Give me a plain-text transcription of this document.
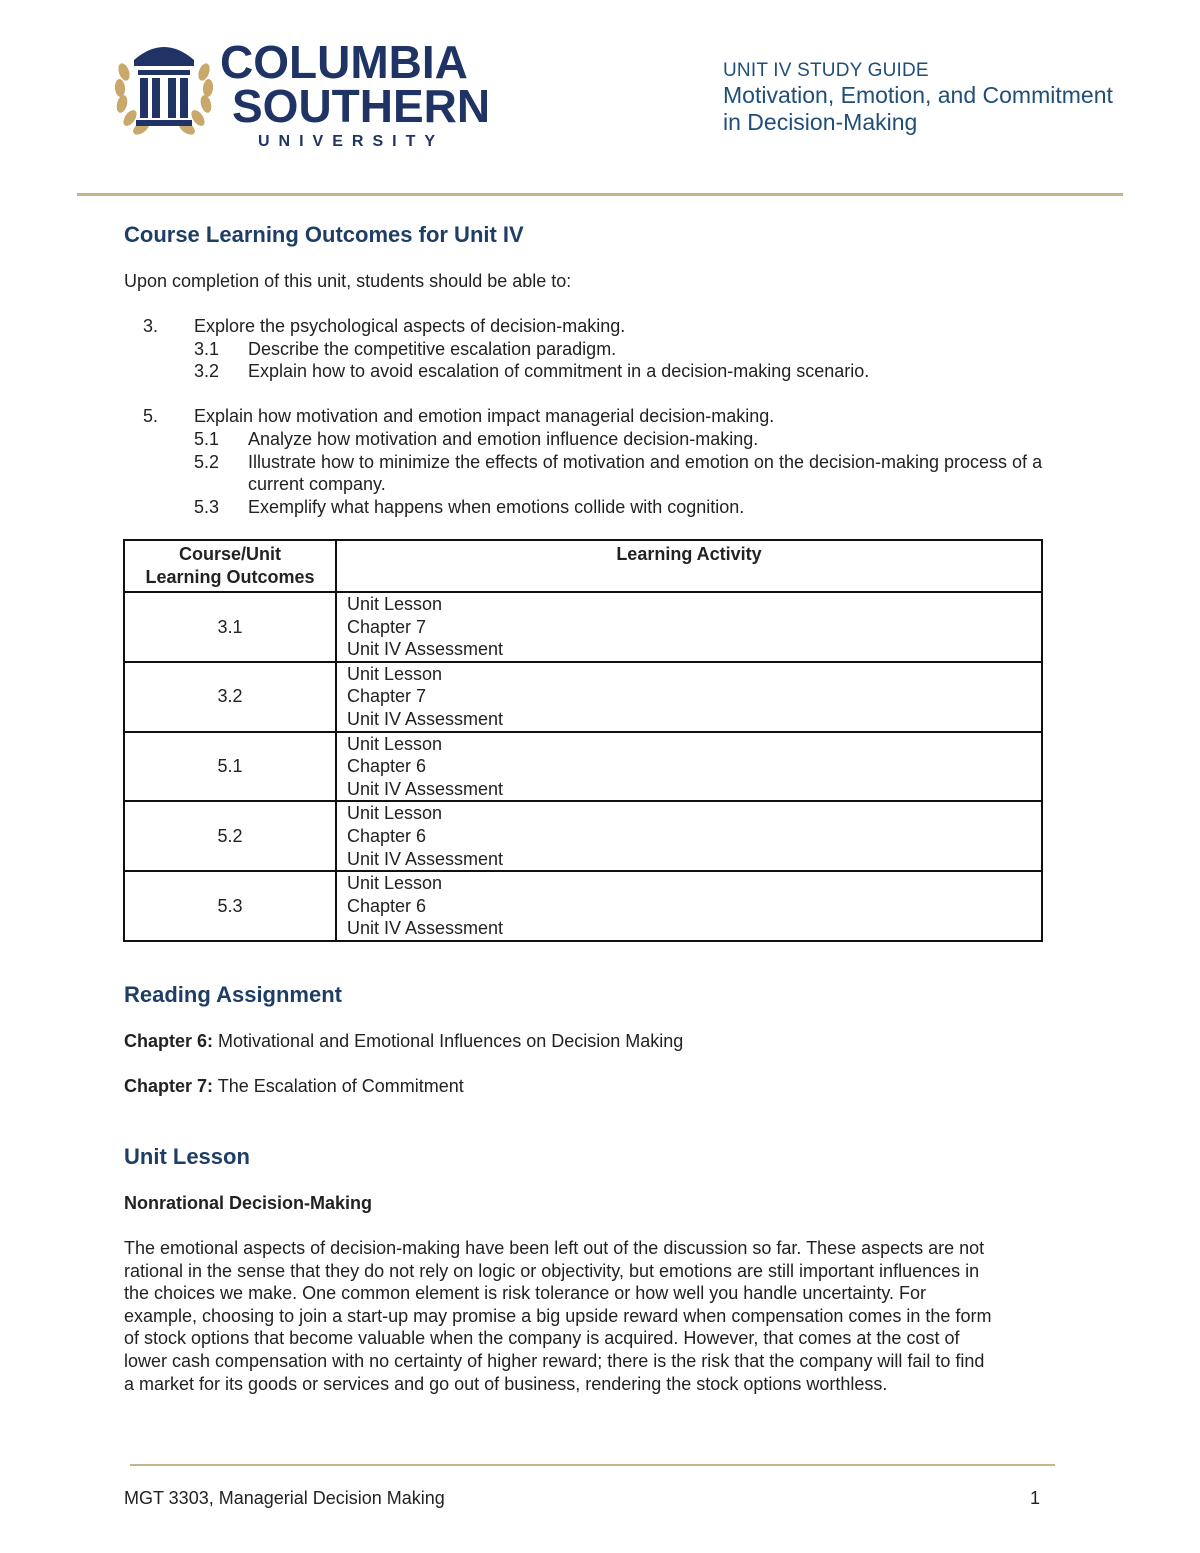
COLUMBIA
SOUTHERN
UNIVERSITY
UNIT IV STUDY GUIDE
Motivation, Emotion, and Commitment
in Decision-Making
Course Learning Outcomes for Unit IV
Upon completion of this unit, students should be able to:
3.	Explore the psychological aspects of decision-making.
3.1	Describe the competitive escalation paradigm.
3.2	Explain how to avoid escalation of commitment in a decision-making scenario.
5.	Explain how motivation and emotion impact managerial decision-making.
5.1	Analyze how motivation and emotion influence decision-making.
5.2	Illustrate how to minimize the effects of motivation and emotion on the decision-making process of a current company.
5.3	Exemplify what happens when emotions collide with cognition.
Course/Unit
Learning Outcomes	Learning Activity
3.1	Unit Lesson
Chapter 7
Unit IV Assessment

3.2	Unit Lesson
Chapter 7
Unit IV Assessment

5.1	Unit Lesson
Chapter 6
Unit IV Assessment

5.2	Unit Lesson
Chapter 6
Unit IV Assessment

5.3	Unit Lesson
Chapter 6
Unit IV Assessment
Reading Assignment
Chapter 6: Motivational and Emotional Influences on Decision Making
Chapter 7: The Escalation of Commitment
Unit Lesson
Nonrational Decision-Making
The emotional aspects of decision-making have been left out of the discussion so far. These aspects are not
rational in the sense that they do not rely on logic or objectivity, but emotions are still important influences in
the choices we make. One common element is risk tolerance or how well you handle uncertainty. For
example, choosing to join a start-up may promise a big upside reward when compensation comes in the form
of stock options that become valuable when the company is acquired. However, that comes at the cost of
lower cash compensation with no certainty of higher reward; there is the risk that the company will fail to find
a market for its goods or services and go out of business, rendering the stock options worthless.
MGT 3303, Managerial Decision Making	1
